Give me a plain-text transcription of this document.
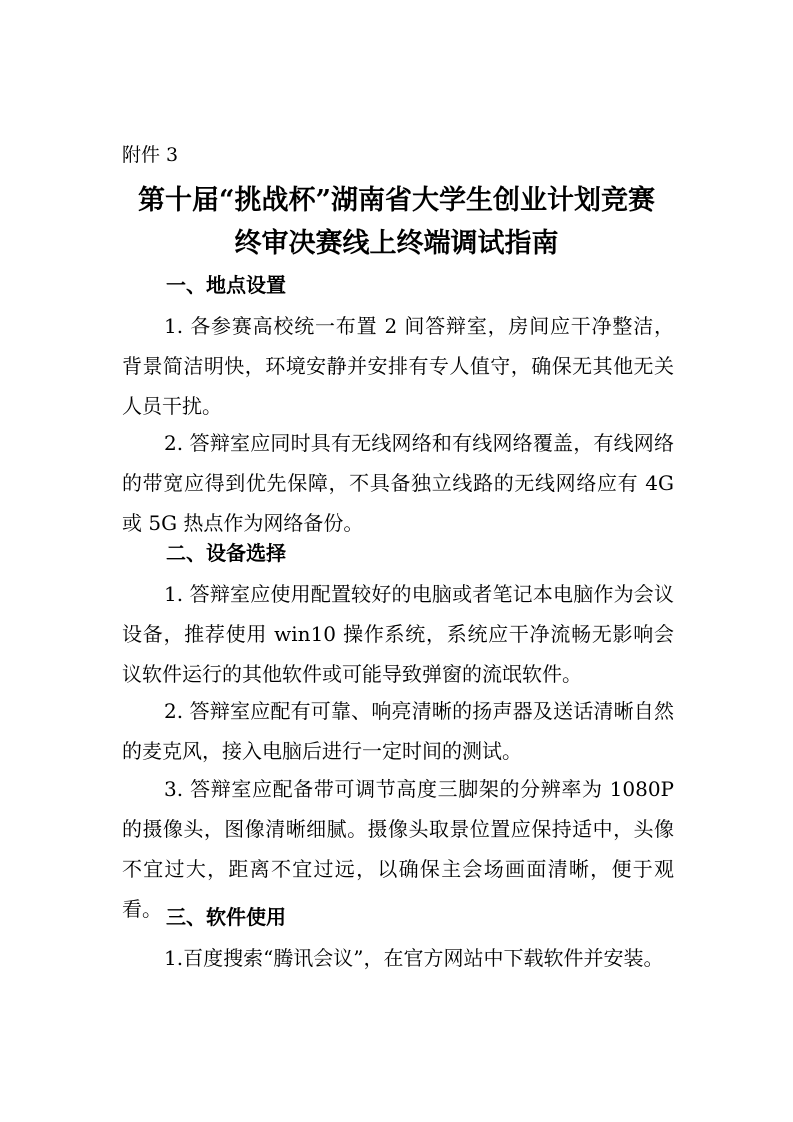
附件 3
第十届“挑战杯”湖南省大学生创业计划竞赛
终审决赛线上终端调试指南
一、地点设置
1. 各参赛高校统一布置 2 间答辩室，房间应干净整洁，背景简洁明快，环境安静并安排有专人值守，确保无其他无关人员干扰。
2. 答辩室应同时具有无线网络和有线网络覆盖，有线网络的带宽应得到优先保障，不具备独立线路的无线网络应有 4G 或 5G 热点作为网络备份。
二、设备选择
1. 答辩室应使用配置较好的电脑或者笔记本电脑作为会议设备，推荐使用 win10 操作系统，系统应干净流畅无影响会议软件运行的其他软件或可能导致弹窗的流氓软件。
2. 答辩室应配有可靠、响亮清晰的扬声器及送话清晰自然的麦克风，接入电脑后进行一定时间的测试。
3. 答辩室应配备带可调节高度三脚架的分辨率为 1080P 的摄像头，图像清晰细腻。摄像头取景位置应保持适中，头像不宜过大，距离不宜过远，以确保主会场画面清晰，便于观看。 三、软件使用
1.百度搜索“腾讯会议”，在官方网站中下载软件并安装。
